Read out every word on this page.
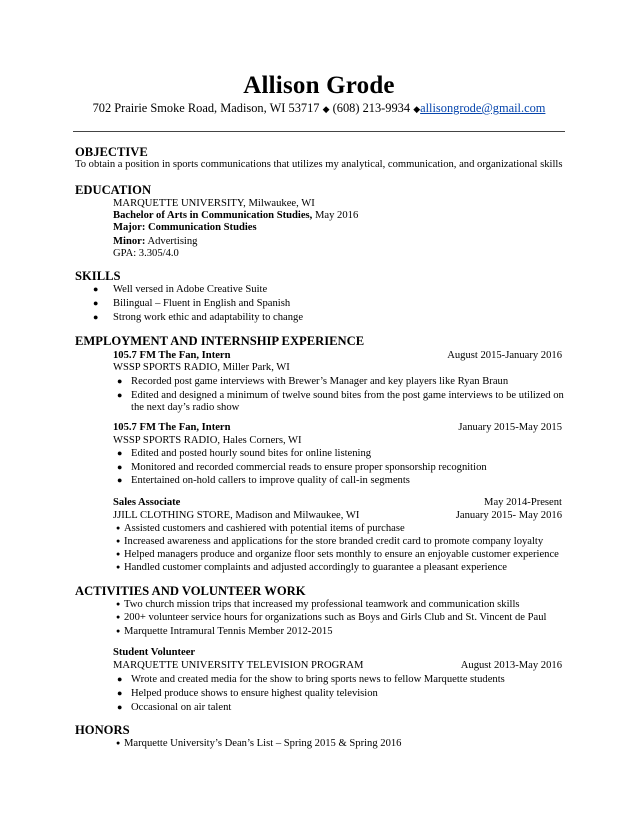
Allison Grode
702 Prairie Smoke Road, Madison, WI 53717 ◆ (608) 213-9934 ◆allisongrode@gmail.com
OBJECTIVE
To obtain a position in sports communications that utilizes my analytical, communication, and organizational skills
EDUCATION
MARQUETTE UNIVERSITY, Milwaukee, WI
Bachelor of Arts in Communication Studies, May 2016
Major: Communication Studies
Minor: Advertising
GPA: 3.305/4.0
SKILLS
● Well versed in Adobe Creative Suite
● Bilingual – Fluent in English and Spanish
● Strong work ethic and adaptability to change
EMPLOYMENT AND INTERNSHIP EXPERIENCE
105.7 FM The Fan, Intern	August 2015-January 2016
WSSP SPORTS RADIO, Miller Park, WI
● Recorded post game interviews with Brewer’s Manager and key players like Ryan Braun
● Edited and designed a minimum of twelve sound bites from the post game interviews to be utilized on
the next day’s radio show
105.7 FM The Fan, Intern	January 2015-May 2015
WSSP SPORTS RADIO, Hales Corners, WI
● Edited and posted hourly sound bites for online listening
● Monitored and recorded commercial reads to ensure proper sponsorship recognition
● Entertained on-hold callers to improve quality of call-in segments
Sales Associate	May 2014-Present
JJILL CLOTHING STORE, Madison and Milwaukee, WI	January 2015- May 2016
● Assisted customers and cashiered with potential items of purchase
● Increased awareness and applications for the store branded credit card to promote company loyalty
● Helped managers produce and organize floor sets monthly to ensure an enjoyable customer experience
● Handled customer complaints and adjusted accordingly to guarantee a pleasant experience
ACTIVITIES AND VOLUNTEER WORK
● Two church mission trips that increased my professional teamwork and communication skills
● 200+ volunteer service hours for organizations such as Boys and Girls Club and St. Vincent de Paul
● Marquette Intramural Tennis Member 2012-2015
Student Volunteer
MARQUETTE UNIVERSITY TELEVISION PROGRAM	August 2013-May 2016
● Wrote and created media for the show to bring sports news to fellow Marquette students
● Helped produce shows to ensure highest quality television
● Occasional on air talent
HONORS
● Marquette University’s Dean’s List – Spring 2015 & Spring 2016
